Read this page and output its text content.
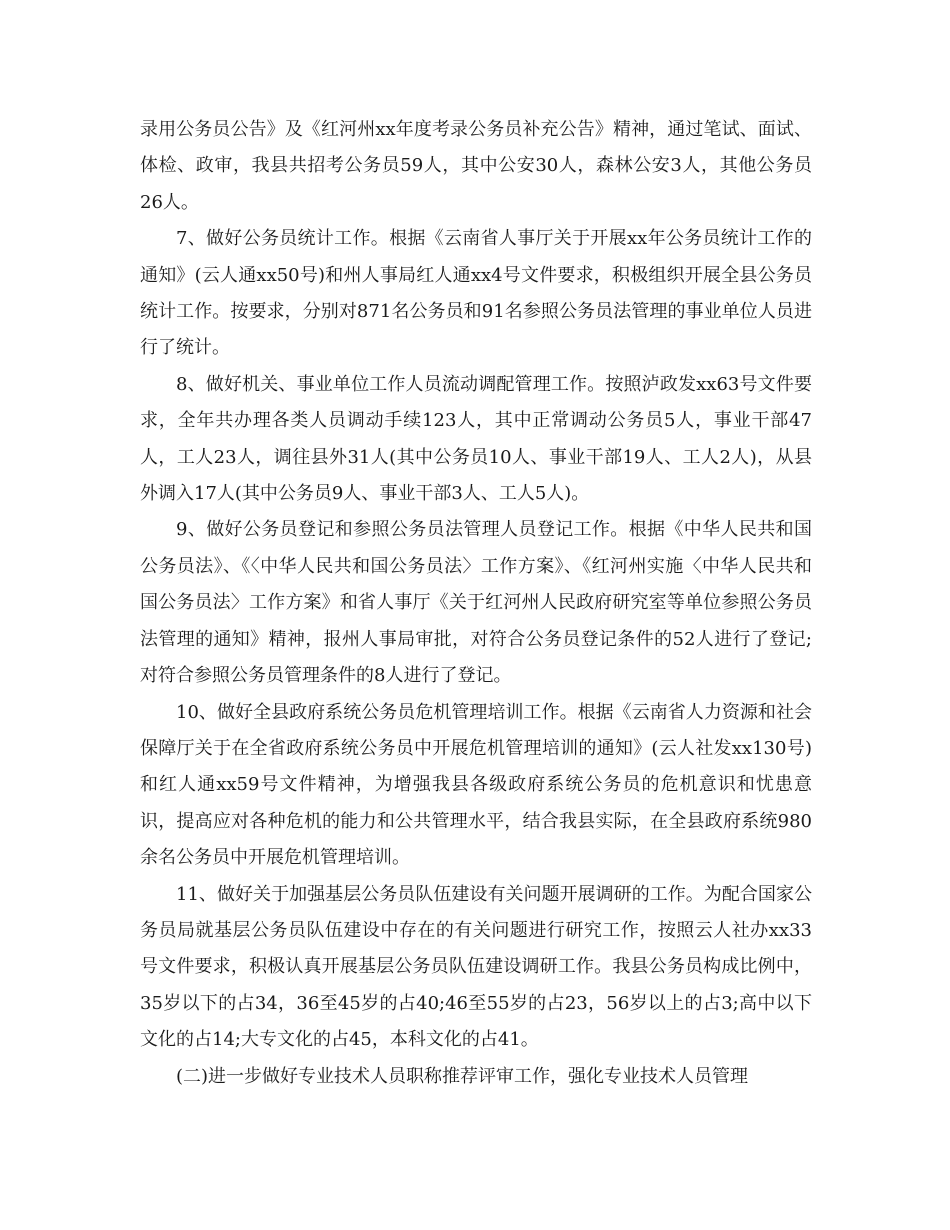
录用公务员公告》及《红河州xx年度考录公务员补充公告》精神，通过笔试、面试、体检、政审，我县共招考公务员59人，其中公安30人，森林公安3人，其他公务员26人。

7、做好公务员统计工作。根据《云南省人事厅关于开展xx年公务员统计工作的通知》(云人通xx50号)和州人事局红人通xx4号文件要求，积极组织开展全县公务员统计工作。按要求，分别对871名公务员和91名参照公务员法管理的事业单位人员进行了统计。

8、做好机关、事业单位工作人员流动调配管理工作。按照泸政发xx63号文件要求，全年共办理各类人员调动手续123人，其中正常调动公务员5人，事业干部47人，工人23人，调往县外31人(其中公务员10人、事业干部19人、工人2人)，从县外调入17人(其中公务员9人、事业干部3人、工人5人)。

9、做好公务员登记和参照公务员法管理人员登记工作。根据《中华人民共和国公务员法》、《〈中华人民共和国公务员法〉工作方案》、《红河州实施〈中华人民共和国公务员法〉工作方案》和省人事厅《关于红河州人民政府研究室等单位参照公务员法管理的通知》精神，报州人事局审批，对符合公务员登记条件的52人进行了登记;对符合参照公务员管理条件的8人进行了登记。

10、做好全县政府系统公务员危机管理培训工作。根据《云南省人力资源和社会保障厅关于在全省政府系统公务员中开展危机管理培训的通知》(云人社发xx130号)和红人通xx59号文件精神，为增强我县各级政府系统公务员的危机意识和忧患意识，提高应对各种危机的能力和公共管理水平，结合我县实际，在全县政府系统980余名公务员中开展危机管理培训。

11、做好关于加强基层公务员队伍建设有关问题开展调研的工作。为配合国家公务员局就基层公务员队伍建设中存在的有关问题进行研究工作，按照云人社办xx33号文件要求，积极认真开展基层公务员队伍建设调研工作。我县公务员构成比例中，35岁以下的占34，36至45岁的占40;46至55岁的占23，56岁以上的占3;高中以下文化的占14;大专文化的占45，本科文化的占41。

(二)进一步做好专业技术人员职称推荐评审工作，强化专业技术人员管理
